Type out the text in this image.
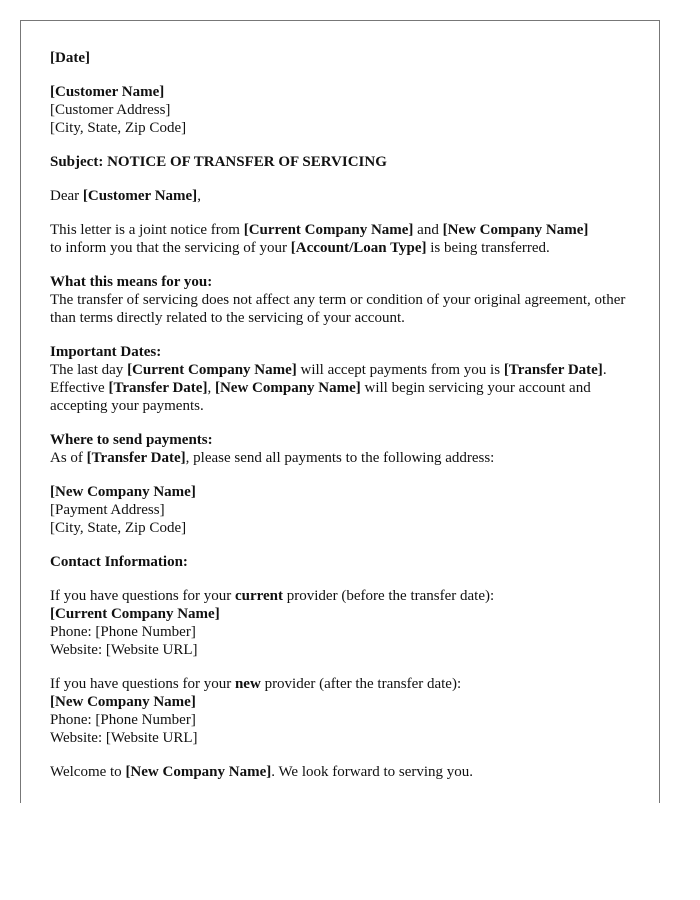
[Date]
[Customer Name]
[Customer Address]
[City, State, Zip Code]
Subject: NOTICE OF TRANSFER OF SERVICING
Dear [Customer Name],
This letter is a joint notice from [Current Company Name] and [New Company Name]
to inform you that the servicing of your [Account/Loan Type] is being transferred.
What this means for you:
The transfer of servicing does not affect any term or condition of your original agreement, other than terms directly related to the servicing of your account.
Important Dates:
The last day [Current Company Name] will accept payments from you is [Transfer Date].
Effective [Transfer Date], [New Company Name] will begin servicing your account and accepting your payments.
Where to send payments:
As of [Transfer Date], please send all payments to the following address:
[New Company Name]
[Payment Address]
[City, State, Zip Code]
Contact Information:
If you have questions for your current provider (before the transfer date):
[Current Company Name]
Phone: [Phone Number]
Website: [Website URL]
If you have questions for your new provider (after the transfer date):
[New Company Name]
Phone: [Phone Number]
Website: [Website URL]
Welcome to [New Company Name]. We look forward to serving you.
